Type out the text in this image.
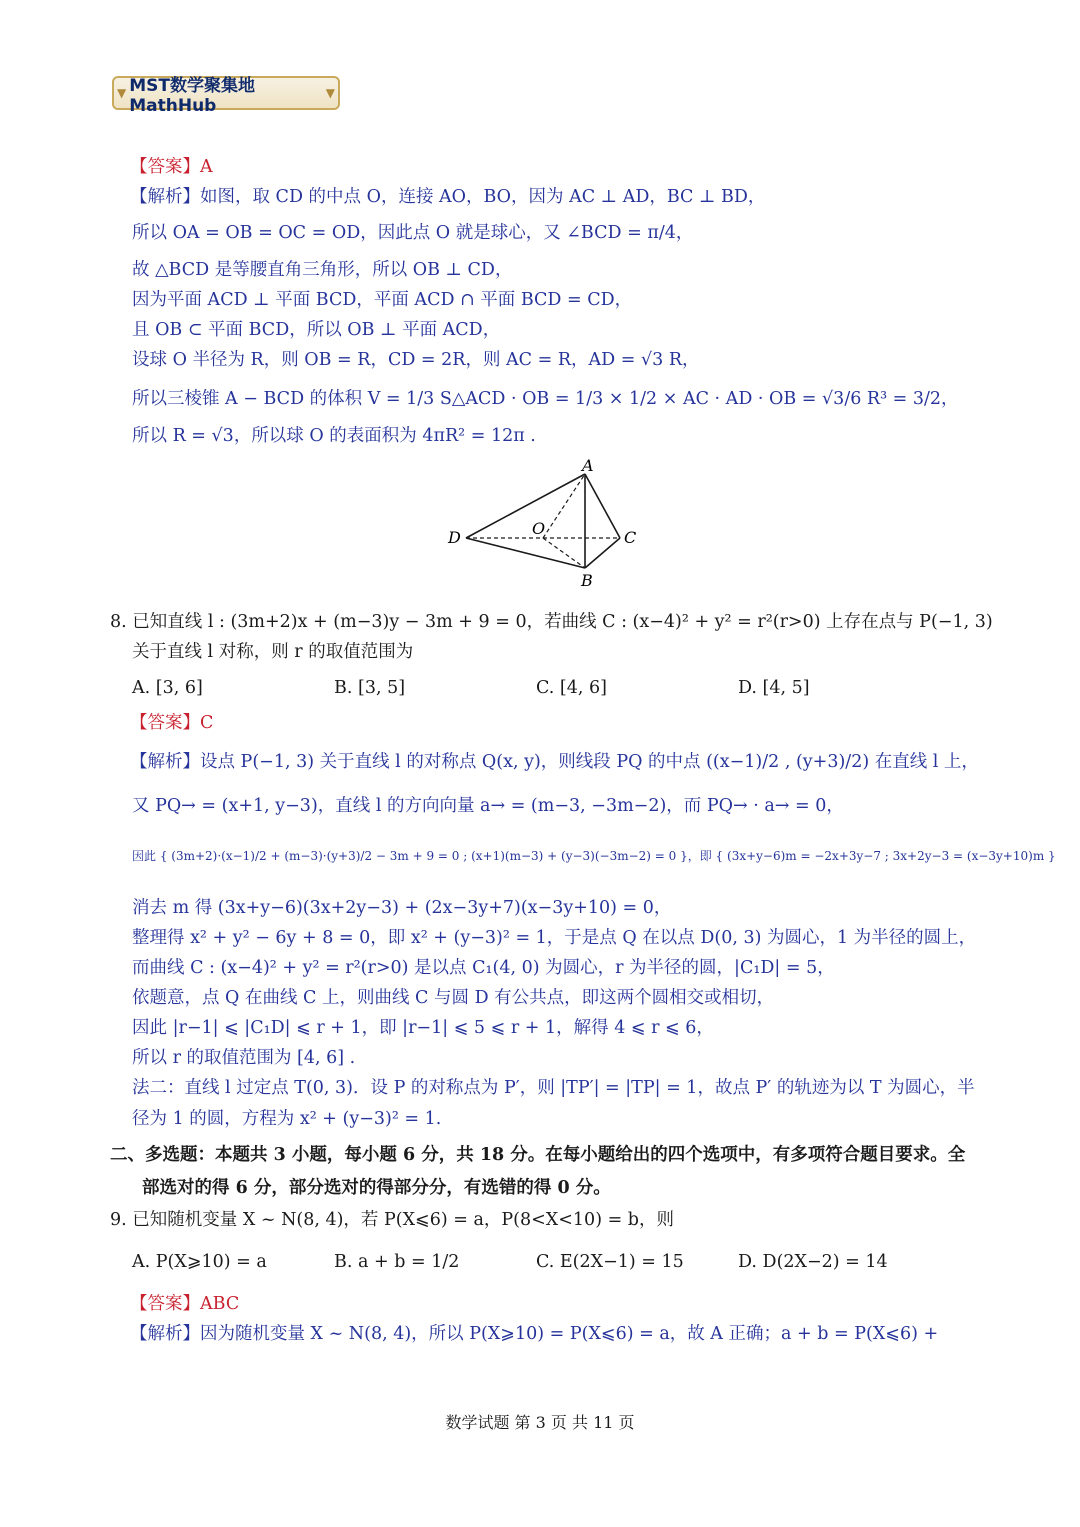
▼ MST数学聚集地MathHub
▼
【答案】A
【解析】如图，取 CD 的中点 O，连接 AO，BO，因为 AC ⊥ AD，BC ⊥ BD，
所以 OA = OB = OC = OD，因此点 O 就是球心，又 ∠BCD = π/4，
故 △BCD 是等腰直角三角形，所以 OB ⊥ CD，
因为平面 ACD ⊥ 平面 BCD，平面 ACD ∩ 平面 BCD = CD，
且 OB ⊂ 平面 BCD，所以 OB ⊥ 平面 ACD，
设球 O 半径为 R，则 OB = R，CD = 2R，则 AC = R，AD = √3 R，
所以三棱锥 A − BCD 的体积 V = 1/3 S△ACD · OB = 1/3 × 1/2 × AC · AD · OB = √3/6 R³ = 3/2，
所以 R = √3，所以球 O 的表面积为 4πR² = 12π .
A
B
C
D	O
8. 已知直线 l : (3m+2)x + (m−3)y − 3m + 9 = 0，若曲线 C : (x−4)² + y² = r²(r>0) 上存在点与 P(−1, 3)
关于直线 l 对称，则 r 的取值范围为
A. [3, 6]	B. [3, 5]	C. [4, 6]	D. [4, 5]
【答案】C
【解析】设点 P(−1, 3) 关于直线 l 的对称点 Q(x, y)，则线段 PQ 的中点 ((x−1)/2 , (y+3)/2) 在直线 l 上，
又 PQ→ = (x+1, y−3)，直线 l 的方向向量 a→ = (m−3, −3m−2)，而 PQ→ · a→ = 0，
因此 { (3m+2)·(x−1)/2 + (m−3)·(y+3)/2 − 3m + 9 = 0 ; (x+1)(m−3) + (y−3)(−3m−2) = 0 }，即 { (3x+y−6)m = −2x+3y−7 ; 3x+2y−3 = (x−3y+10)m }
消去 m 得 (3x+y−6)(3x+2y−3) + (2x−3y+7)(x−3y+10) = 0，
整理得 x² + y² − 6y + 8 = 0，即 x² + (y−3)² = 1，于是点 Q 在以点 D(0, 3) 为圆心，1 为半径的圆上，
而曲线 C : (x−4)² + y² = r²(r>0) 是以点 C₁(4, 0) 为圆心，r 为半径的圆，|C₁D| = 5，
依题意，点 Q 在曲线 C 上，则曲线 C 与圆 D 有公共点，即这两个圆相交或相切，
因此 |r−1| ⩽ |C₁D| ⩽ r + 1，即 |r−1| ⩽ 5 ⩽ r + 1，解得 4 ⩽ r ⩽ 6，
所以 r 的取值范围为 [4, 6] .
法二：直线 l 过定点 T(0, 3)．设 P 的对称点为 P′，则 |TP′| = |TP| = 1，故点 P′ 的轨迹为以 T 为圆心，半
径为 1 的圆，方程为 x² + (y−3)² = 1.
二、多选题：本题共 3 小题，每小题 6 分，共 18 分。在每小题给出的四个选项中，有多项符合题目要求。全
部选对的得 6 分，部分选对的得部分分，有选错的得 0 分。
9. 已知随机变量 X ~ N(8, 4)，若 P(X⩽6) = a，P(8<X<10) = b，则
A. P(X⩾10) = a	B. a + b = 1/2	C. E(2X−1) = 15	D. D(2X−2) = 14
【答案】ABC
【解析】因为随机变量 X ~ N(8, 4)，所以 P(X⩾10) = P(X⩽6) = a，故 A 正确；a + b = P(X⩽6) +
数学试题 第 3 页 共 11 页
